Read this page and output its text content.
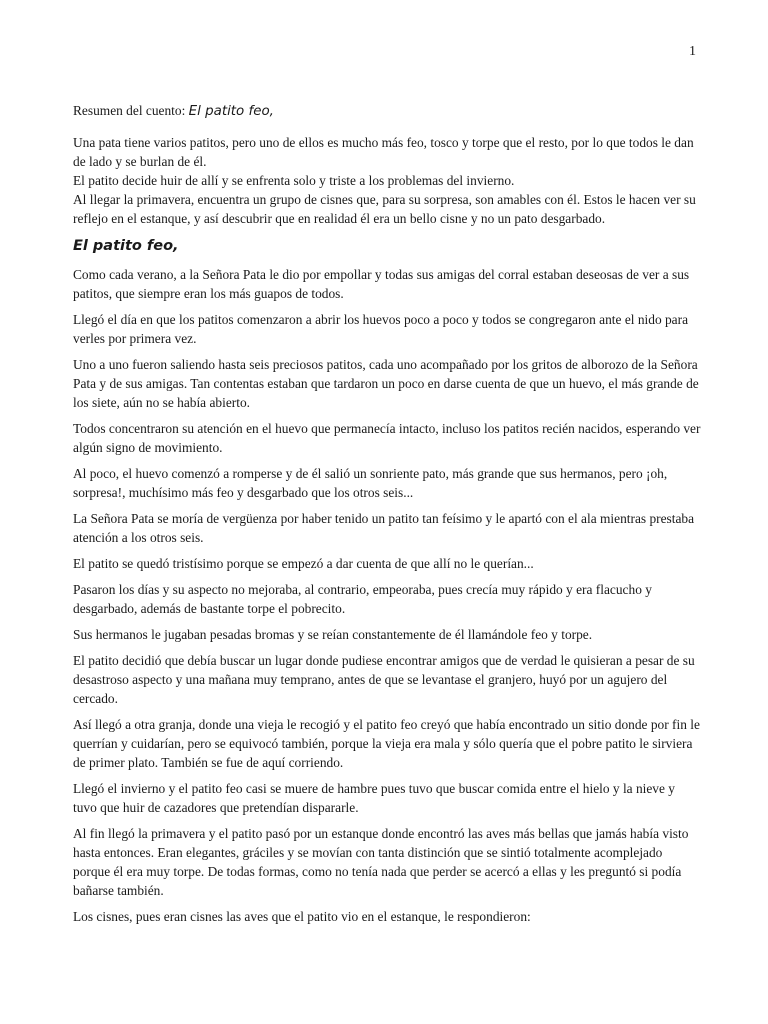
1

Resumen del cuento: El patito feo,

Una pata tiene varios patitos, pero uno de ellos es mucho más feo, tosco y torpe que el resto, por lo que todos le dan de lado y se burlan de él.

El patito decide huir de allí y se enfrenta solo y triste a los problemas del invierno.

Al llegar la primavera, encuentra un grupo de cisnes que, para su sorpresa, son amables con él. Estos le hacen ver su reflejo en el estanque, y así descubrir que en realidad él era un bello cisne y no un pato desgarbado.

El patito feo,

Como cada verano, a la Señora Pata le dio por empollar y todas sus amigas del corral estaban deseosas de ver a sus patitos, que siempre eran los más guapos de todos.

Llegó el día en que los patitos comenzaron a abrir los huevos poco a poco y todos se congregaron ante el nido para verles por primera vez.

Uno a uno fueron saliendo hasta seis preciosos patitos, cada uno acompañado por los gritos de alborozo de la Señora Pata y de sus amigas. Tan contentas estaban que tardaron un poco en darse cuenta de que un huevo, el más grande de los siete, aún no se había abierto.

Todos concentraron su atención en el huevo que permanecía intacto, incluso los patitos recién nacidos, esperando ver algún signo de movimiento.

Al poco, el huevo comenzó a romperse y de él salió un sonriente pato, más grande que sus hermanos, pero ¡oh, sorpresa!, muchísimo más feo y desgarbado que los otros seis...

La Señora Pata se moría de vergüenza por haber tenido un patito tan feísimo y le apartó con el ala mientras prestaba atención a los otros seis.

El patito se quedó tristísimo porque se empezó a dar cuenta de que allí no le querían...

Pasaron los días y su aspecto no mejoraba, al contrario, empeoraba, pues crecía muy rápido y era flacucho y desgarbado, además de bastante torpe el pobrecito.

Sus hermanos le jugaban pesadas bromas y se reían constantemente de él llamándole feo y torpe.

El patito decidió que debía buscar un lugar donde pudiese encontrar amigos que de verdad le quisieran a pesar de su desastroso aspecto y una mañana muy temprano, antes de que se levantase el granjero, huyó por un agujero del cercado.

Así llegó a otra granja, donde una vieja le recogió y el patito feo creyó que había encontrado un sitio donde por fin le querrían y cuidarían, pero se equivocó también, porque la vieja era mala y sólo quería que el pobre patito le sirviera de primer plato. También se fue de aquí corriendo.

Llegó el invierno y el patito feo casi se muere de hambre pues tuvo que buscar comida entre el hielo y la nieve y tuvo que huir de cazadores que pretendían dispararle.

Al fin llegó la primavera y el patito pasó por un estanque donde encontró las aves más bellas que jamás había visto hasta entonces. Eran elegantes, gráciles y se movían con tanta distinción que se sintió totalmente acomplejado porque él era muy torpe. De todas formas, como no tenía nada que perder se acercó a ellas y les preguntó si podía bañarse también.

Los cisnes, pues eran cisnes las aves que el patito vio en el estanque, le respondieron:
